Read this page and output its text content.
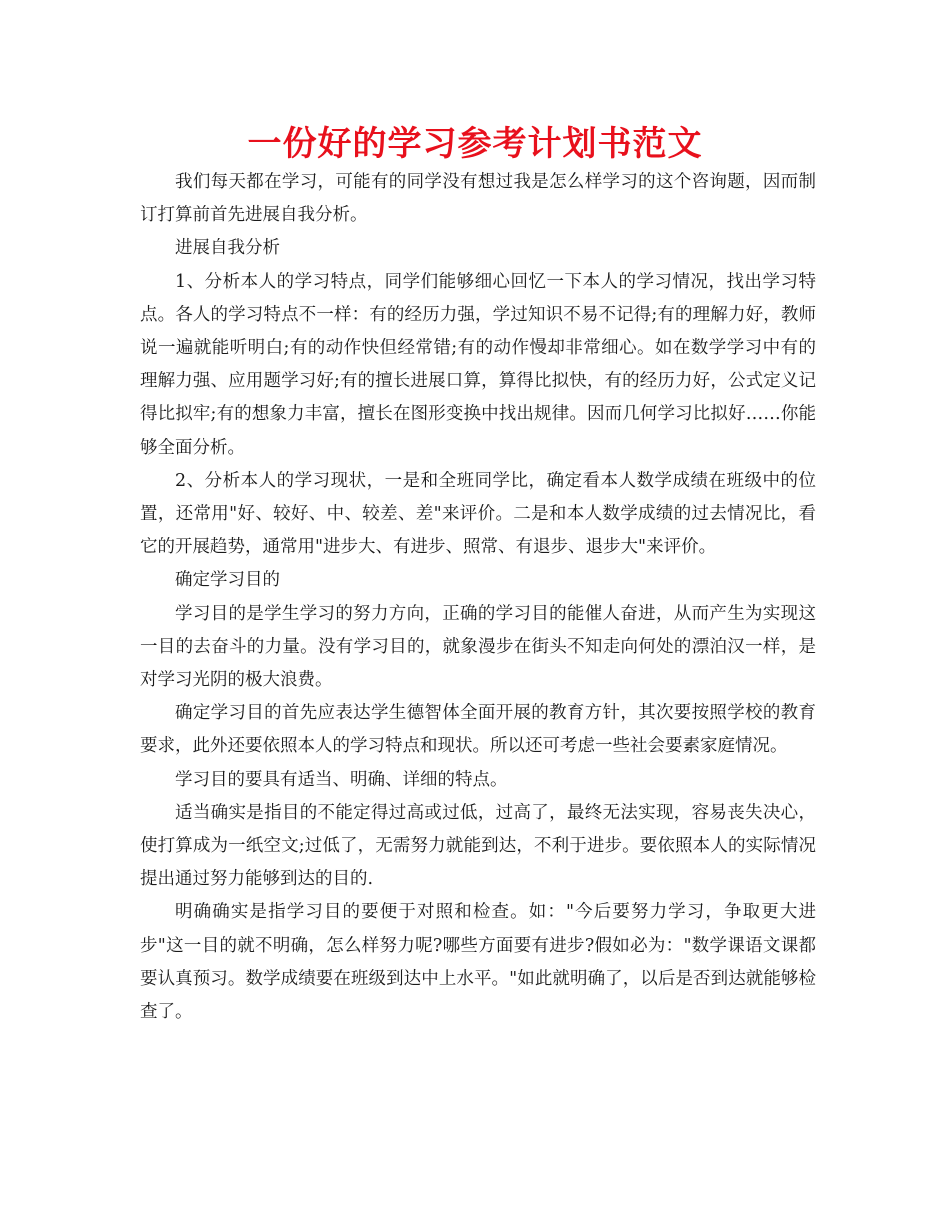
一份好的学习参考计划书范文

我们每天都在学习，可能有的同学没有想过我是怎么样学习的这个咨询题，因而制订打算前首先进展自我分析。

进展自我分析

1、分析本人的学习特点，同学们能够细心回忆一下本人的学习情况，找出学习特点。各人的学习特点不一样：有的经历力强，学过知识不易不记得;有的理解力好，教师说一遍就能听明白;有的动作快但经常错;有的动作慢却非常细心。如在数学学习中有的理解力强、应用题学习好;有的擅长进展口算，算得比拟快，有的经历力好，公式定义记得比拟牢;有的想象力丰富，擅长在图形变换中找出规律。因而几何学习比拟好……你能够全面分析。

2、分析本人的学习现状，一是和全班同学比，确定看本人数学成绩在班级中的位置，还常用"好、较好、中、较差、差"来评价。二是和本人数学成绩的过去情况比，看它的开展趋势，通常用"进步大、有进步、照常、有退步、退步大"来评价。

确定学习目的

学习目的是学生学习的努力方向，正确的学习目的能催人奋进，从而产生为实现这一目的去奋斗的力量。没有学习目的，就象漫步在街头不知走向何处的漂泊汉一样，是对学习光阴的极大浪费。

确定学习目的首先应表达学生德智体全面开展的教育方针，其次要按照学校的教育要求，此外还要依照本人的学习特点和现状。所以还可考虑一些社会要素家庭情况。

学习目的要具有适当、明确、详细的特点。

适当确实是指目的不能定得过高或过低，过高了，最终无法实现，容易丧失决心，使打算成为一纸空文;过低了，无需努力就能到达，不利于进步。要依照本人的实际情况提出通过努力能够到达的目的.

明确确实是指学习目的要便于对照和检查。如："今后要努力学习，争取更大进步"这一目的就不明确，怎么样努力呢?哪些方面要有进步?假如必为："数学课语文课都要认真预习。数学成绩要在班级到达中上水平。"如此就明确了，以后是否到达就能够检查了。
